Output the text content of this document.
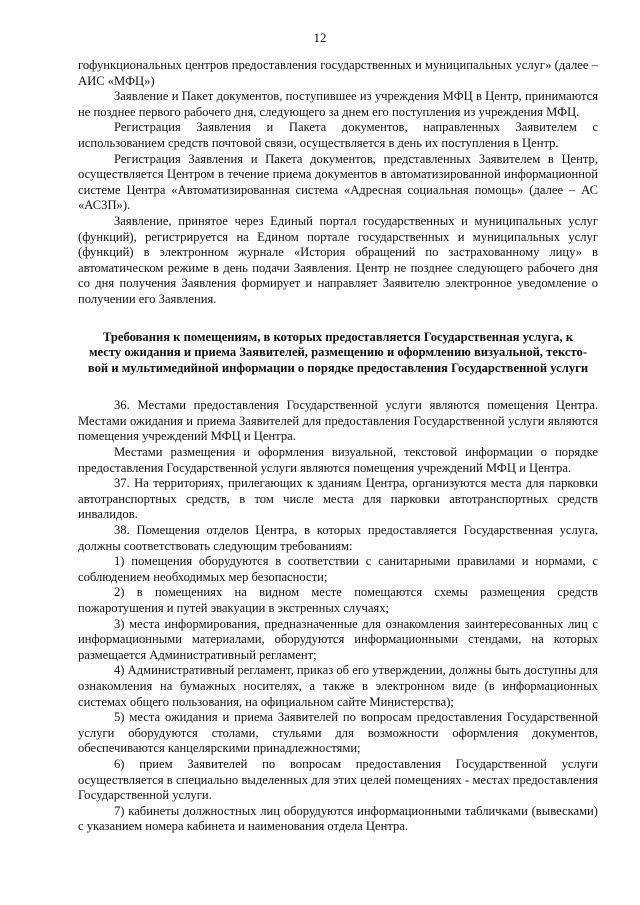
12

гофункциональных центров предоставления государственных и муниципальных услуг» (далее – АИС «МФЦ»)

Заявление и Пакет документов, поступившее из учреждения МФЦ в Центр, принимаются не позднее первого рабочего дня, следующего за днем его поступления из учреждения МФЦ.

Регистрация Заявления и Пакета документов, направленных Заявителем с использованием средств почтовой связи, осуществляется в день их поступления в Центр.

Регистрация Заявления и Пакета документов, представленных Заявителем в Центр, осуществляется Центром в течение приема документов в автоматизированной информационной системе Центра «Автоматизированная система «Адресная социальная помощь» (далее – АС «АС3П»).

Заявление, принятое через Единый портал государственных и муниципальных услуг (функций), регистрируется на Едином портале государственных и муниципальных услуг (функций) в электронном журнале «История обращений по застрахованному лицу» в автоматическом режиме в день подачи Заявления. Центр не позднее следующего рабочего дня со дня получения Заявления формирует и направляет Заявителю электронное уведомление о получении его Заявления.

Требования к помещениям, в которых предоставляется Государственная услуга, к
месту ожидания и приема Заявителей, размещению и оформлению визуальной, тексто-
вой и мультимедийной информации о порядке предоставления Государственной услуги

36. Местами предоставления Государственной услуги являются помещения Центра. Местами ожидания и приема Заявителей для предоставления Государственной услуги являются помещения учреждений МФЦ и Центра.

Местами размещения и оформления визуальной, текстовой информации о порядке предоставления Государственной услуги являются помещения учреждений МФЦ и Центра.

37. На территориях, прилегающих к зданиям Центра, организуются места для парковки автотранспортных средств, в том числе места для парковки автотранспортных средств инвалидов.

38. Помещения отделов Центра, в которых предоставляется Государственная услуга, должны соответствовать следующим требованиям:

1) помещения оборудуются в соответствии с санитарными правилами и нормами, с соблюдением необходимых мер безопасности;

2) в помещениях на видном месте помещаются схемы размещения средств пожаротушения и путей эвакуации в экстренных случаях;

3) места информирования, предназначенные для ознакомления заинтересованных лиц с информационными материалами, оборудуются информационными стендами, на которых размещается Административный регламент;

4) Административный регламент, приказ об его утверждении, должны быть доступны для ознакомления на бумажных носителях, а также в электронном виде (в информационных системах общего пользования, на официальном сайте Министерства);

5) места ожидания и приема Заявителей по вопросам предоставления Государственной услуги оборудуются столами, стульями для возможности оформления документов, обеспечиваются канцелярскими принадлежностями;

6) прием Заявителей по вопросам предоставления Государственной услуги осуществляется в специально выделенных для этих целей помещениях - местах предоставления Государственной услуги.

7) кабинеты должностных лиц оборудуются информационными табличками (вывесками) с указанием номера кабинета и наименования отдела Центра.
